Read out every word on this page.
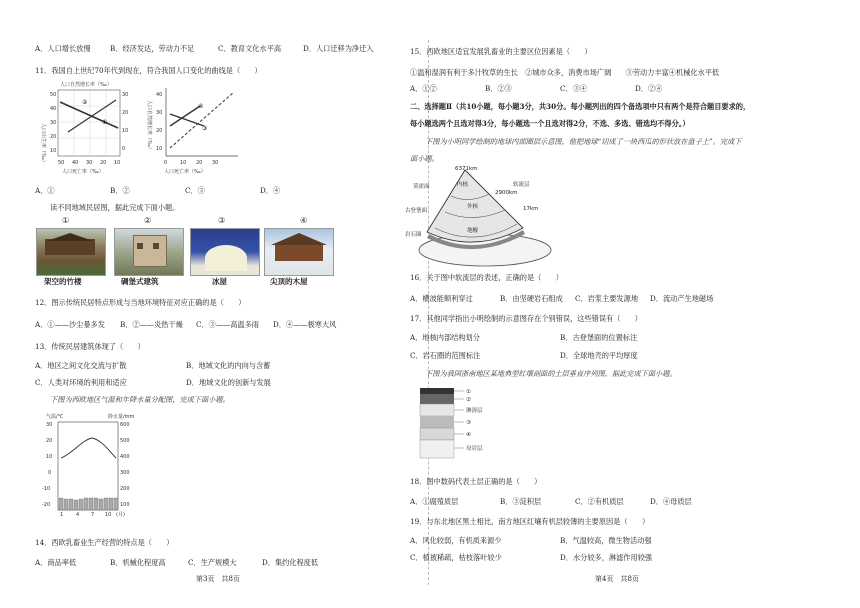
A．人口增长放慢	B．经济发达，劳动力不足	C．教育文化水平高	D．人口迁移为净迁入
11．我国自上世纪70年代到现在，符合我国人口变化的曲线是（　　）
人口自然增长率（‰）
人口出生率（‰）
人口死亡率（‰）
50
40
30
20
10
50 40 30 20 10
30
20
10
0
①
②	人口自然增长率（‰）
人口死亡率（‰）
40
30
20
10
0	10 20 30
③
④
A．①	B．②	C．③	D．④
读不同地域民居图，据此完成下面小题。
①	②	③	④
架空的竹楼	碉堡式建筑	冰屋	尖顶的木屋
12．图示传统民居特点形成与当地环境特征对应正确的是（　　）
A．①——沙尘暴多发 B．②——炎热干燥 C．③——高温多雨 D．④——极寒大风
13．传统民居建筑体现了（　　）
A．地区之间文化交流与扩散	B．地域文化的内向与含蓄
C．人类对环境的利用和适应	D．地域文化的创新与发展
下图为西欧地区气温和年降水量分配图，完成下面小题。
气温/℃	降水量/mm
30
20
10
0
-10
-20
600
500
400
300
200
100
1	4 7 10 (月)
14．西欧乳畜业生产经营的特点是（　　）
A．商品率低	B．机械化程度高	C．生产规模大	D．集约化程度低
第3页　共8页
15．西欧地区适宜发展乳畜业的主要区位因素是（　　）
①温和湿润有利于多汁牧草的生长　②城市众多，消费市场广阔　　③劳动力丰富④机械化水平低
A．①②	B．②③	C．③④	D．②④
二、选择题Ⅱ（共10小题，每小题3分，共30分。每小题列出的四个备选项中只有两个是符合题目要求的，
每小题选两个且选对得3分，每小题选一个且选对得2分，不选、多选、错选均不得分。）
下图为小明同学绘制的地球内部圈层示意图，他把地球“切成了一块西瓜的形状放在盘子上”。完成下
面小题。
6371km
内核
外核
莫霍面
古登堡面
地幔
岩石圈
软流层
2900km
17km
16．关于图中软流层的表述，正确的是（　　）
A．横波能顺利穿过	B．由坚硬岩石组成 C．岩浆主要发源地 D．流动产生地磁场
17．其他同学指出小明绘制的示意图存在个别错误，这些错误有（　　）
A．地核内部结构划分	B．古登堡面的位置标注
C．岩石圈的范围标注	D．全球地壳的平均厚度
下图为我国浙南地区某地典型红壤剖面的土层垂直序列图，据此完成下面小题。
①
②
淋溶层
③
④
母岩层
18．图中数码代表土层正确的是（　　）
A．①腐殖质层	B．③淀积层	C．②有机质层	D．④母质层
19．与东北地区黑土相比，南方地区红壤有机层较薄的主要原因是（　　）
A．风化较弱，有机质来源少	B．气温较高，微生物活动强
C．植被稀疏，枯枝落叶较少	D．水分较多，淋滤作用较强
第4页　共8页
